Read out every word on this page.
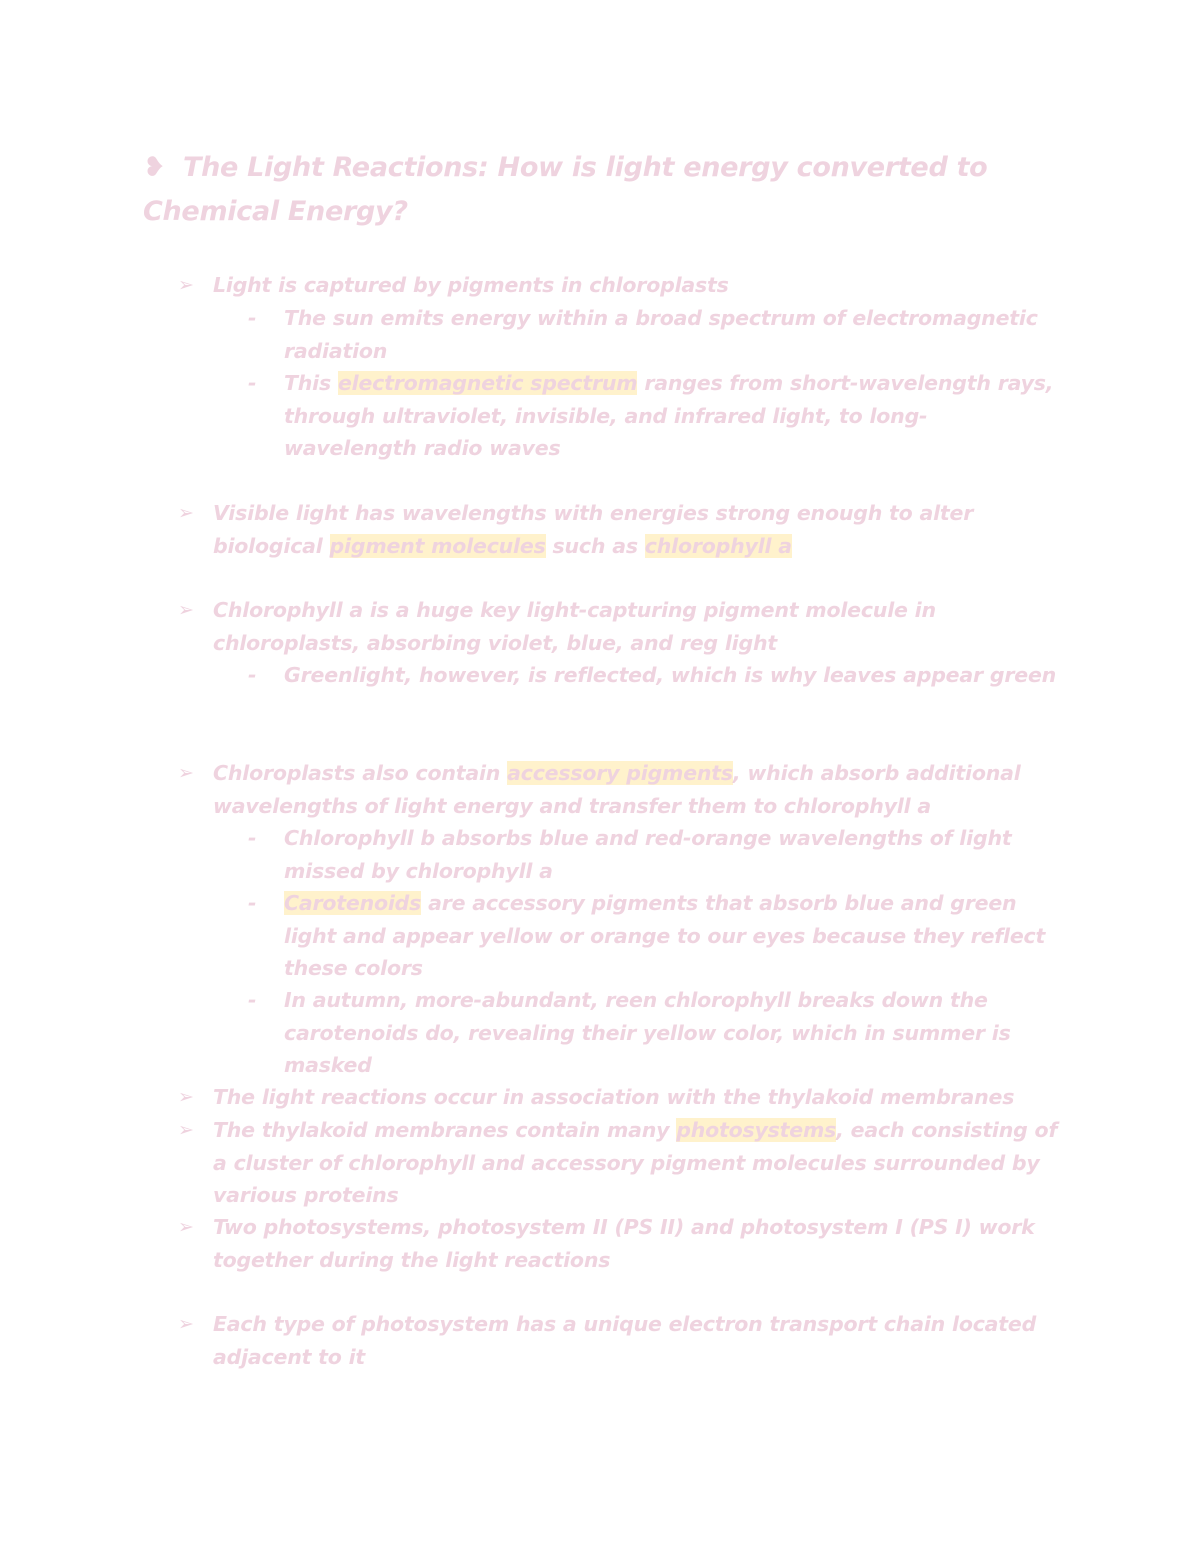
❥ The Light Reactions: How is light energy converted to Chemical Energy?
➢ Light is captured by pigments in chloroplasts
- The sun emits energy within a broad spectrum of electromagnetic radiation
- This electromagnetic spectrum ranges from short-wavelength rays, through ultraviolet, invisible, and infrared light, to long-wavelength radio waves
➢ Visible light has wavelengths with energies strong enough to alter biological pigment molecules such as chlorophyll a
➢ Chlorophyll a is a huge key light-capturing pigment molecule in chloroplasts, absorbing violet, blue, and reg light
- Greenlight, however, is reflected, which is why leaves appear green
➢ Chloroplasts also contain accessory pigments, which absorb additional wavelengths of light energy and transfer them to chlorophyll a
- Chlorophyll b absorbs blue and red-orange wavelengths of light missed by chlorophyll a
- Carotenoids are accessory pigments that absorb blue and green light and appear yellow or orange to our eyes because they reflect these colors
- In autumn, more-abundant, reen chlorophyll breaks down the carotenoids do, revealing their yellow color, which in summer is masked
➢ The light reactions occur in association with the thylakoid membranes
➢ The thylakoid membranes contain many photosystems, each consisting of a cluster of chlorophyll and accessory pigment molecules surrounded by various proteins
➢ Two photosystems, photosystem II (PS II) and photosystem I (PS I) work together during the light reactions
➢ Each type of photosystem has a unique electron transport chain located adjacent to it
